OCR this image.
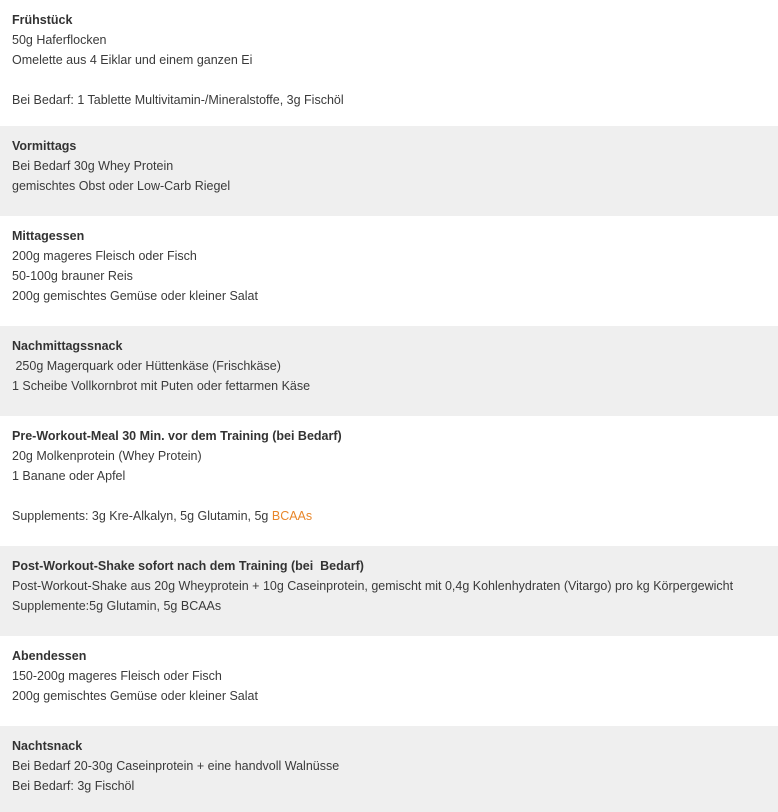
Frühstück
50g Haferflocken
Omelette aus 4 Eiklar und einem ganzen Ei
Bei Bedarf: 1 Tablette Multivitamin-/Mineralstoffe, 3g Fischöl
Vormittags
Bei Bedarf 30g Whey Protein
gemischtes Obst oder Low-Carb Riegel
Mittagessen
200g mageres Fleisch oder Fisch
50-100g brauner Reis
200g gemischtes Gemüse oder kleiner Salat
Nachmittagssnack
250g Magerquark oder Hüttenkäse (Frischkäse)
1 Scheibe Vollkornbrot mit Puten oder fettarmen Käse
Pre-Workout-Meal 30 Min. vor dem Training (bei Bedarf)
20g Molkenprotein (Whey Protein)
1 Banane oder Apfel
Supplements: 3g Kre-Alkalyn, 5g Glutamin, 5g BCAAs
Post-Workout-Shake sofort nach dem Training (bei  Bedarf)
Post-Workout-Shake aus 20g Wheyprotein + 10g Caseinprotein, gemischt mit 0,4g Kohlenhydraten (Vitargo) pro kg Körpergewicht
Supplemente:5g Glutamin, 5g BCAAs
Abendessen
150-200g mageres Fleisch oder Fisch
200g gemischtes Gemüse oder kleiner Salat
Nachtsnack
Bei Bedarf 20-30g Caseinprotein + eine handvoll Walnüsse
Bei Bedarf: 3g Fischöl
